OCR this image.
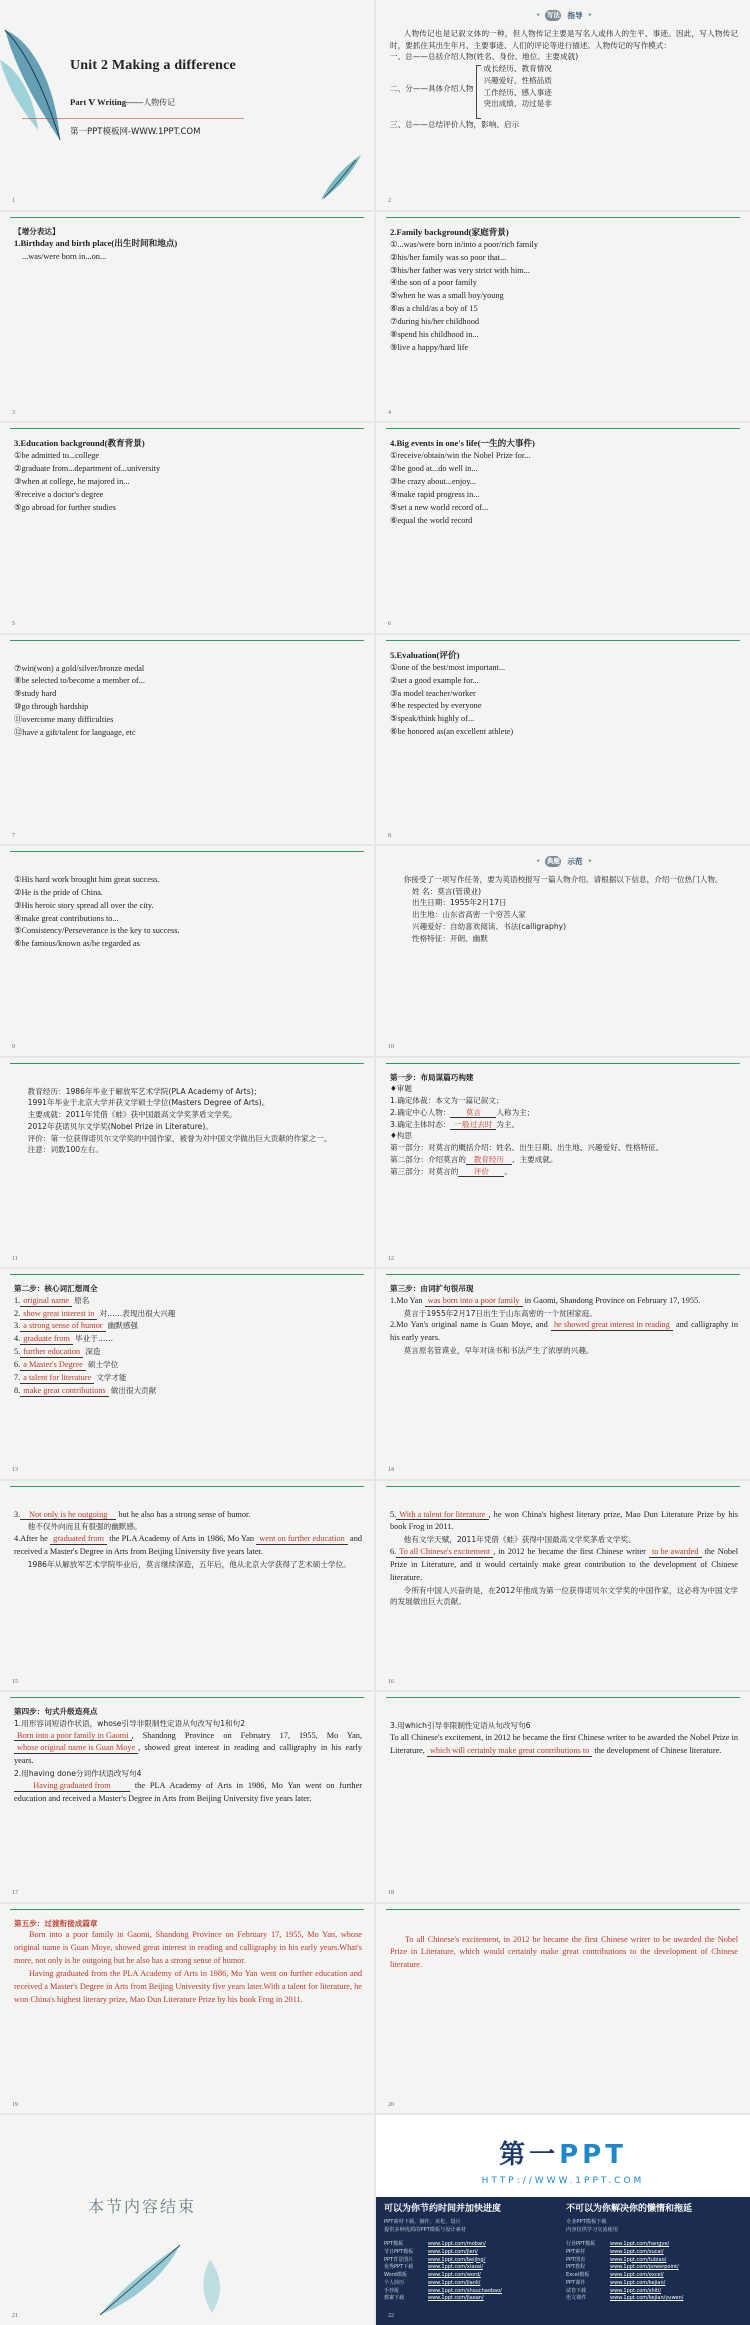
Unit 2 Making a difference
Part Ⅴ Writing——人物传记
第一PPT模板网-WWW.1PPT.COM
1
• 写法 指导 •
人物传记也是记叙文体的一种，但人物传记主要是写名人或伟人的生平、事迹。因此，写人物传记时，要抓住其出生年月、主要事迹、人们的评论等进行描述。人物传记的写作模式：
一、总——总括介绍人物(姓名、身份、地位、主要成就)
二、分——具体介绍人物
成长经历、教育情况
兴趣爱好、性格品质
工作经历、感人事迹
突出成绩、功过是非
三、总——总结评价人物，影响、启示
2
【增分表达】
1.Birthday and birth place(出生时间和地点)
...was/were born in...on...
3
2.Family background(家庭背景)
①...was/were born in/into a poor/rich family
②his/her family was so poor that...
③his/her father was very strict with him...
④the son of a poor family
⑤when he was a small boy/young
⑥as a child/as a boy of 15
⑦during his/her childhood
⑧spend his childhood in...
⑨live a happy/hard life
4
3.Education background(教育背景)
①be admitted to...college
②graduate from...department of...university
③when at college, he majored in...
④receive a doctor's degree
⑤go abroad for further studies
5
4.Big events in one's life(一生的大事件)
①receive/obtain/win the Nobel Prize for...
②be good at...do well in...
③be crazy about...enjoy...
④make rapid progress in...
⑤set a new world record of...
⑥equal the world record
6
⑦win(won) a gold/silver/bronze medal
⑧be selected to/become a member of...
⑨study hard
⑩go through hardship
⑪overcome many difficulties
⑫have a gift/talent for language, etc
7
5.Evaluation(评价)
①one of the best/most important...
②set a good example for...
③a model teacher/worker
④be respected by everyone
⑤speak/think highly of...
⑥be honored as(an excellent athlete)
8
①His hard work brought him great success.
②He is the pride of China.
③His heroic story spread all over the city.
④make great contributions to...
⑤Consistency/Perseverance is the key to success.
⑥be famous/known as/be regarded as
9
• 典题 示范 •
你接受了一项写作任务，要为英语校报写一篇人物介绍。请根据以下信息，介绍一位热门人物。
姓 名：莫言(管谟业)
出生日期：1955年2月17日
出生地：山东省高密一个穷苦人家
兴趣爱好：自幼喜欢阅读、书法(calligraphy)
性格特征：开朗、幽默
10
教育经历：1986年毕业于解放军艺术学院(PLA Academy of Arts)；
1991年毕业于北京大学并获文学硕士学位(Masters Degree of Arts)。
主要成就：2011年凭借《蛙》获中国最高文学奖茅盾文学奖。
2012年获诺贝尔文学奖(Nobel Prize in Literature)。
评价：第一位获得诺贝尔文学奖的中国作家，被誉为对中国文学做出巨大贡献的作家之一。
注意：词数100左右。
11
第一步：布局谋篇巧构建
♦审题
1.确定体裁：本文为一篇记叙文；
2.确定中心人物： 莫言 人称为主；
3.确定主体时态： 一般过去时 为主。
♦构思
第一部分：对莫言的概括介绍：姓名、出生日期、出生地、兴趣爱好、性格特征。
第二部分：介绍莫言的 教育经历 、主要成就。
第三部分：对莫言的 评价 。
12
第二步：核心词汇想周全
1. original name 原名
2. show great interest in 对……表现出很大兴趣
3. a strong sense of humor 幽默感强
4. graduate from 毕业于……
5. further education 深造
6. a Master's Degree 硕士学位
7. a talent for literature 文学才能
8. make great contributions 做出很大贡献
13
第三步：由词扩句很吊现
1.Mo Yan was born into a poor family in Gaomi, Shandong Province on February 17, 1955.
莫言于1955年2月17日出生于山东高密的一个贫困家庭。
2.Mo Yan's original name is Guan Moye, and he showed great interest in reading and calligraphy in his early years.
莫言原名管谟业，早年对读书和书法产生了浓厚的兴趣。
14
3. Not only is he outgoing but he also has a strong sense of humor.
他不仅外向而且有很强的幽默感。
4.After he graduated from the PLA Academy of Arts in 1986, Mo Yan went on further education and received a Master's Degree in Arts from Beijing University five years later.
1986年从解放军艺术学院毕业后，莫言继续深造，五年后，他从北京大学获得了艺术硕士学位。
15
5. With a talent for literature , he won China's highest literary prize, Mao Dun Literature Prize by his book Frog in 2011.
他有文学天赋，2011年凭借《蛙》获得中国最高文学奖茅盾文学奖。
6. To all Chinese's excitement , in 2012 he became the first Chinese writer to be awarded the Nobel Prize in Literature, and it would certainly make great contribution to the development of Chinese literature.
令所有中国人兴奋的是，在2012年他成为第一位获得诺贝尔文学奖的中国作家，这必将为中国文学的发展做出巨大贡献。
16
第四步：句式升级造亮点
1.用形容词短语作状语，whose引导非限制性定语从句改写句1和句2
Born into a poor family in Gaomi , Shandong Province on February 17, 1955, Mo Yan, whose original name is Guan Moye , showed great interest in reading and calligraphy in his early years.
2.用having done分词作状语改写句4
Having graduated from	the PLA Academy of Arts in 1986, Mo Yan went on further education and received a Master's Degree in Arts from Beijing University five years later.
17
3.用which引导非限制性定语从句改写句6
To all Chinese's excitement, in 2012 he became the first Chinese writer to be awarded the Nobel Prize in Literature, which will certainly make great contributions to the development of Chinese literature.
18
第五步：过渡衔接成篇章
Born into a poor family in Gaomi, Shandong Province on February 17, 1955, Mo Yan, whose original name is Guan Moye, showed great interest in reading and calligraphy in his early years.What's more, not only is he outgoing but he also has a strong sense of humor.
Having graduated from the PLA Academy of Arts in 1986, Mo Yan went on further education and received a Master's Degree in Arts from Beijing University five years later.With a talent for literature, he won China's highest literary prize, Mao Dun Literature Prize by his book Frog in 2011.
19
To all Chinese's excitement, in 2012 he became the first Chinese writer to be awarded the Nobel Prize in Literature, which would certainly make great contributions to the development of Chinese literature.
20
本节内容结束
21
第一PPT
HTTP://WWW.1PPT.COM
可以为你节约时间并加快进度
PPT素材下载、制作、美化、设计
提供多种优质的PPT模板与设计素材
不可以为你解决你的懒惰和拖延
专业PPT模板下载
内容仅供学习交流使用
PPT模板	www.1ppt.com/moban/
节日PPT模板	www.1ppt.com/jieri/
PPT背景图片	www.1ppt.com/beijing/
优秀PPT下载	www.1ppt.com/xiazai/
Word模板	www.1ppt.com/word/
个人简历	www.1ppt.com/jianli/
手抄报	www.1ppt.com/shouchaobao/
教案下载	www.1ppt.com/jiaoan/
行业PPT模板	www.1ppt.com/hangye/
PPT素材	www.1ppt.com/sucai/
PPT图表	www.1ppt.com/tubiao/
PPT教程	www.1ppt.com/powerpoint/
Excel模板	www.1ppt.com/excel/
PPT课件	www.1ppt.com/kejian/
试卷下载	www.1ppt.com/shiti/
语文课件	www.1ppt.com/kejian/yuwen/
22
